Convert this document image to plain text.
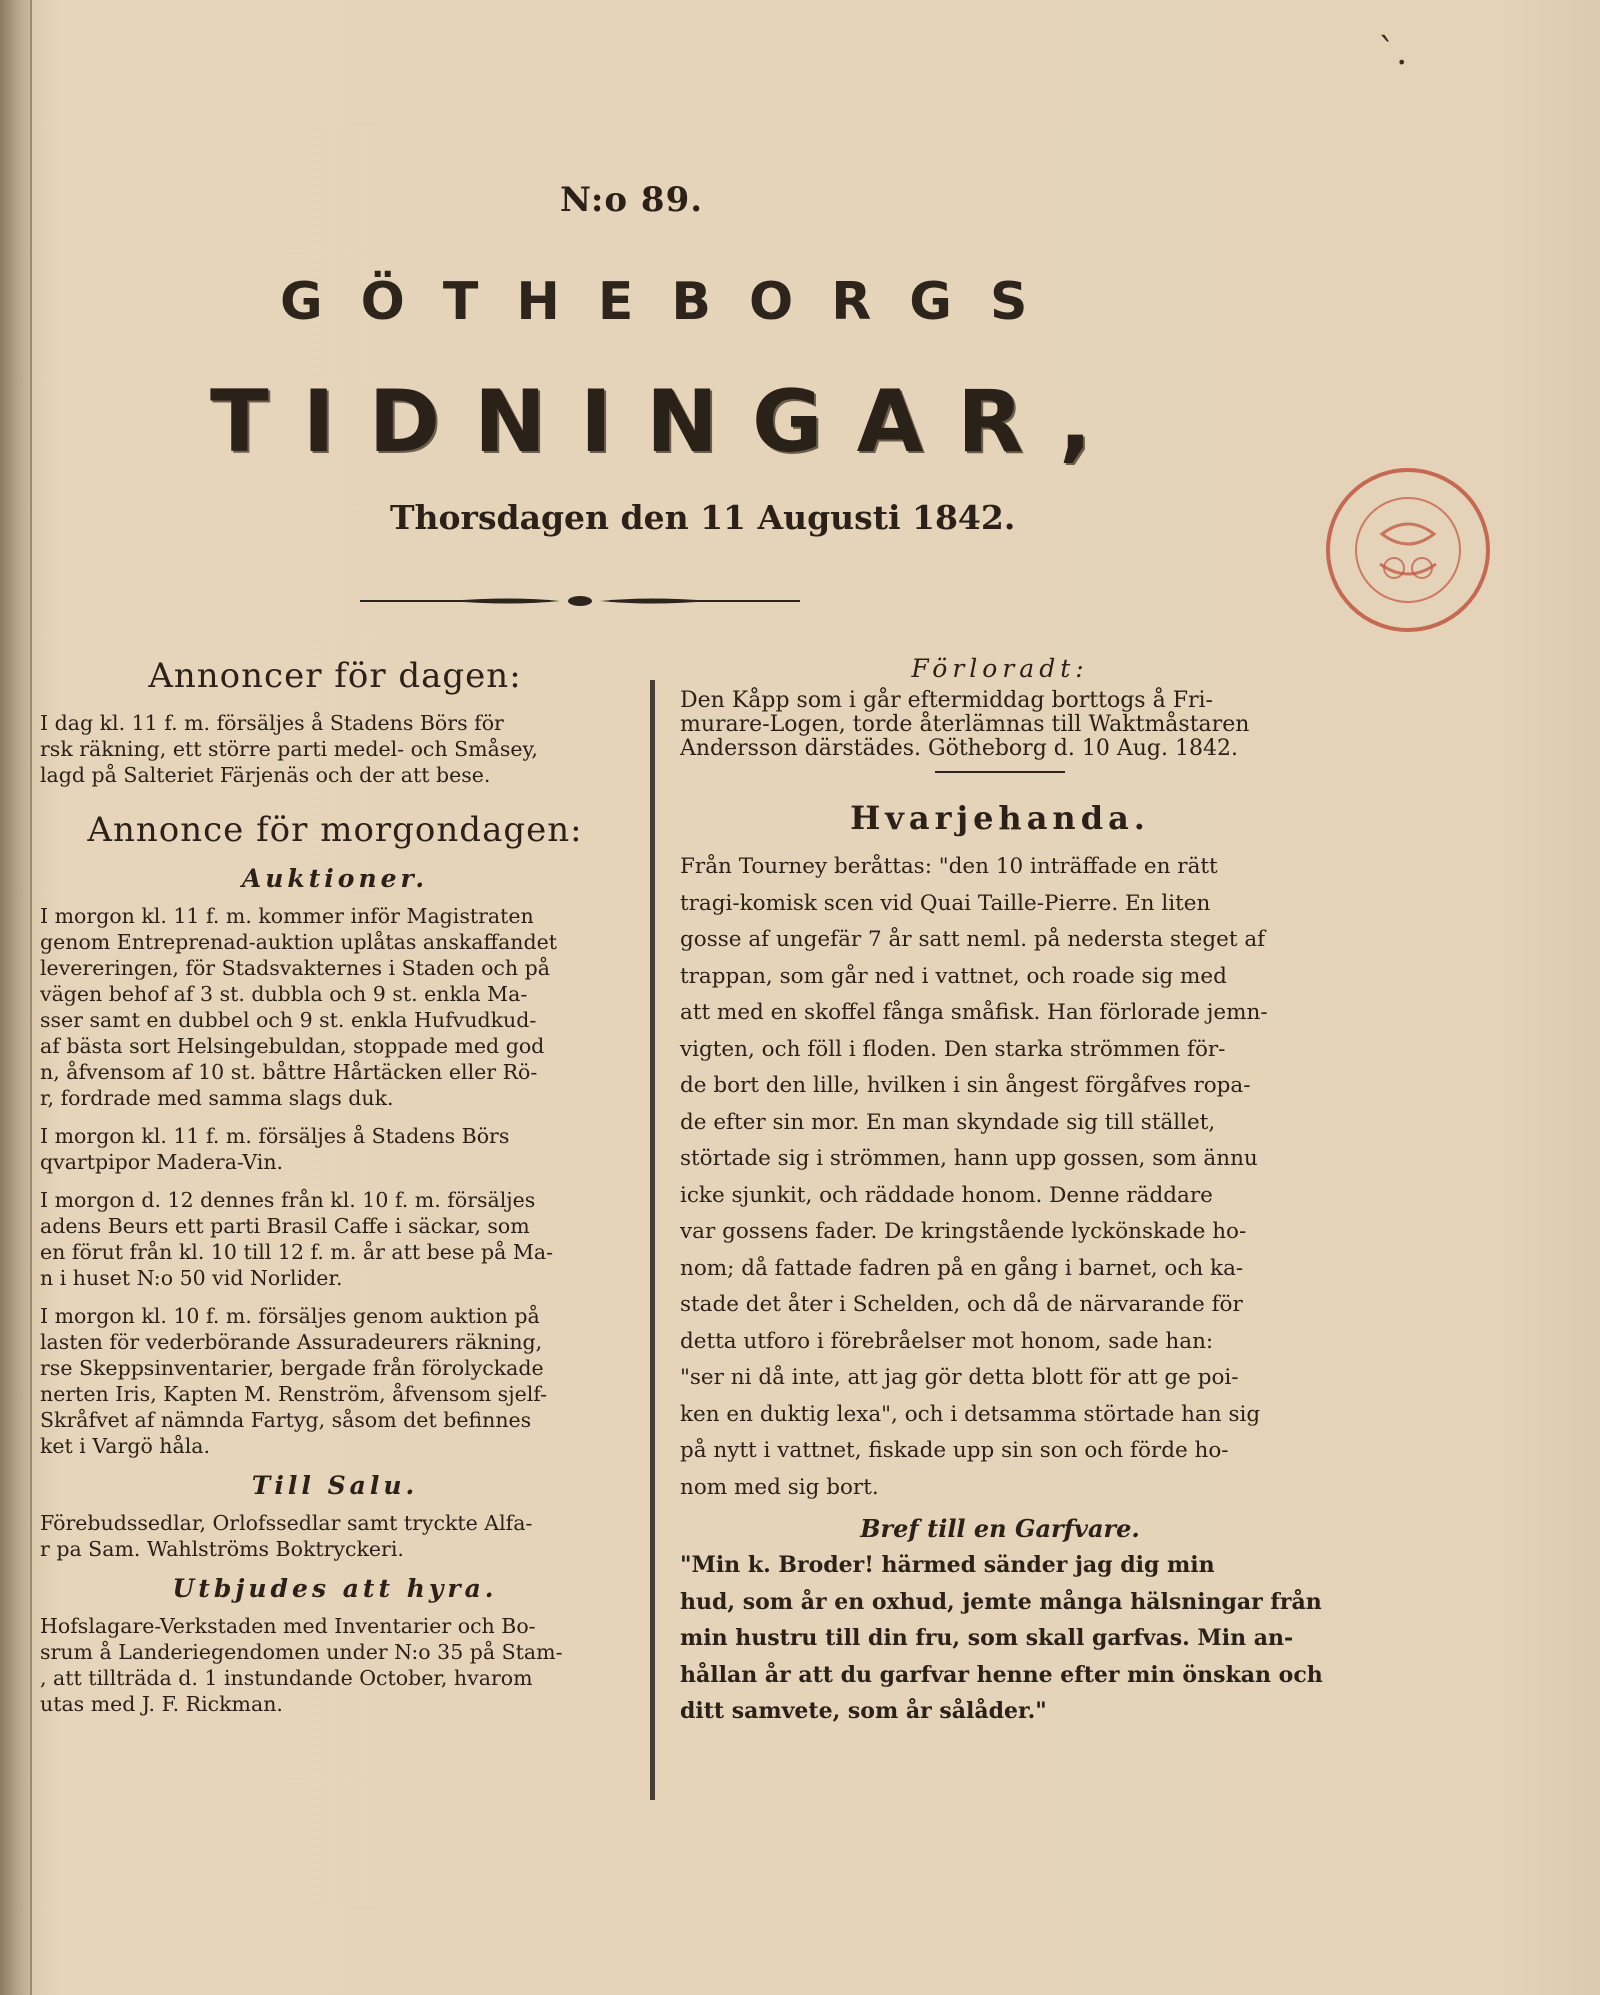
`.
N:o 89.
GÖTHEBORGS
TIDNINGAR,
Thorsdagen den 11 Augusti 1842.
Annoncer för dagen:
I dag kl. 11 f. m. försäljes å Stadens Börs för
rsk räkning, ett större parti medel- och Småsey,
lagd på Salteriet Färjenäs och der att bese.
Annonce för morgondagen:
Auktioner.
I morgon kl. 11 f. m. kommer inför Magistraten
genom Entreprenad-auktion uplåtas anskaffandet
levereringen, för Stadsvakternes i Staden och på
vägen behof af 3 st. dubbla och 9 st. enkla Ma-
sser samt en dubbel och 9 st. enkla Hufvudkud-
af bästa sort Helsingebuldan, stoppade med god
n, åfvensom af 10 st. båttre Hårtäcken eller Rö-
r, fordrade med samma slags duk.
I morgon kl. 11 f. m. försäljes å Stadens Börs
qvartpipor Madera-Vin.
I morgon d. 12 dennes från kl. 10 f. m. försäljes
adens Beurs ett parti Brasil Caffe i säckar, som
en förut från kl. 10 till 12 f. m. år att bese på Ma-
n i huset N:o 50 vid Norlider.
I morgon kl. 10 f. m. försäljes genom auktion på
lasten för vederbörande Assuradeurers räkning,
rse Skeppsinventarier, bergade från förolyckade
nerten Iris, Kapten M. Renström, åfvensom sjelf-
Skråfvet af nämnda Fartyg, såsom det befinnes
ket i Vargö håla.
Till Salu.
Förebudssedlar, Orlofssedlar samt tryckte Alfa-
r pa Sam. Wahlströms Boktryckeri.
Utbjudes att hyra.
Hofslagare-Verkstaden med Inventarier och Bo-
srum å Landeriegendomen under N:o 35 på Stam-
, att tillträda d. 1 instundande October, hvarom
utas med J. F. Rickman.
Förloradt:
Den Kåpp som i går eftermiddag borttogs å Fri-
murare-Logen, torde återlämnas till Waktmåstaren
Andersson därstädes. Götheborg d. 10 Aug. 1842.
Hvarjehanda.
Från Tourney beråttas: "den 10 inträffade en rätt
tragi-komisk scen vid Quai Taille-Pierre. En liten
gosse af ungefär 7 år satt neml. på nedersta steget af
trappan, som går ned i vattnet, och roade sig med
att med en skoffel fånga småfisk. Han förlorade jemn-
vigten, och föll i floden. Den starka strömmen för-
de bort den lille, hvilken i sin ångest förgåfves ropa-
de efter sin mor. En man skyndade sig till stället,
störtade sig i strömmen, hann upp gossen, som ännu
icke sjunkit, och räddade honom. Denne räddare
var gossens fader. De kringstående lyckönskade ho-
nom; då fattade fadren på en gång i barnet, och ka-
stade det åter i Schelden, och då de närvarande för
detta utforo i förebråelser mot honom, sade han:
"ser ni då inte, att jag gör detta blott för att ge poi-
ken en duktig lexa", och i detsamma störtade han sig
på nytt i vattnet, fiskade upp sin son och förde ho-
nom med sig bort.
Bref till en Garfvare.
"Min k. Broder! härmed sänder jag dig min
hud, som år en oxhud, jemte många hälsningar från
min hustru till din fru, som skall garfvas. Min an-
hållan år att du garfvar henne efter min önskan och
ditt samvete, som år sålåder."
